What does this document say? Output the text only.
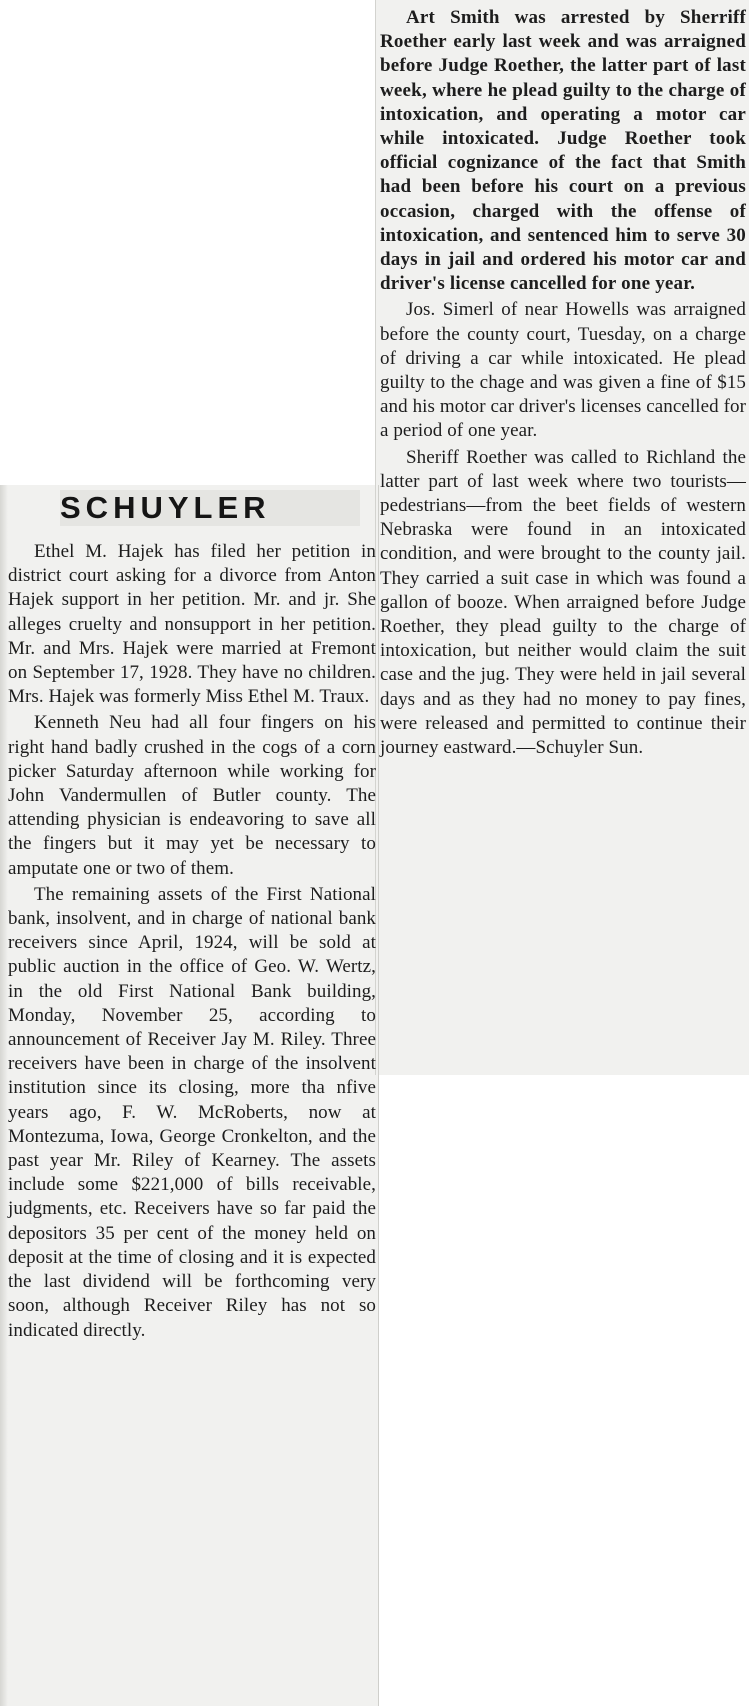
SCHUYLER

Ethel M. Hajek has filed her petition in district court asking for a divorce from Anton Hajek support in her petition. Mr. and jr. She alleges cruelty and nonsupport in her petition. Mr. and Mrs. Hajek were married at Fremont on September 17, 1928. They have no children. Mrs. Hajek was formerly Miss Ethel M. Traux.

Kenneth Neu had all four fingers on his right hand badly crushed in the cogs of a corn picker Saturday afternoon while working for John Vandermullen of Butler county. The attending physician is endeavoring to save all the fingers but it may yet be necessary to amputate one or two of them.

The remaining assets of the First National bank, insolvent, and in charge of national bank receivers since April, 1924, will be sold at public auction in the office of Geo. W. Wertz, in the old First National Bank building, Monday, November 25, according to announcement of Receiver Jay M. Riley. Three receivers have been in charge of the insolvent institution since its closing, more tha nfive years ago, F. W. McRoberts, now at Montezuma, Iowa, George Cronkelton, and the past year Mr. Riley of Kearney. The assets include some $221,000 of bills receivable, judgments, etc. Receivers have so far paid the depositors 35 per cent of the money held on deposit at the time of closing and it is expected the last dividend will be forthcoming very soon, although Receiver Riley has not so indicated directly.

Art Smith was arrested by Sherriff Roether early last week and was arraigned before Judge Roether, the latter part of last week, where he plead guilty to the charge of intoxication, and operating a motor car while intoxicated. Judge Roether took official cognizance of the fact that Smith had been before his court on a previous occasion, charged with the offense of intoxication, and sentenced him to serve 30 days in jail and ordered his motor car and driver's license cancelled for one year.

Jos. Simerl of near Howells was arraigned before the county court, Tuesday, on a charge of driving a car while intoxicated. He plead guilty to the chage and was given a fine of $15 and his motor car driver's licenses cancelled for a period of one year.

Sheriff Roether was called to Richland the latter part of last week where two tourists—pedestrians—from the beet fields of western Nebraska were found in an intoxicated condition, and were brought to the county jail. They carried a suit case in which was found a gallon of booze. When arraigned before Judge Roether, they plead guilty to the charge of intoxication, but neither would claim the suit case and the jug. They were held in jail several days and as they had no money to pay fines, were released and permitted to continue their journey eastward.—Schuyler Sun.
